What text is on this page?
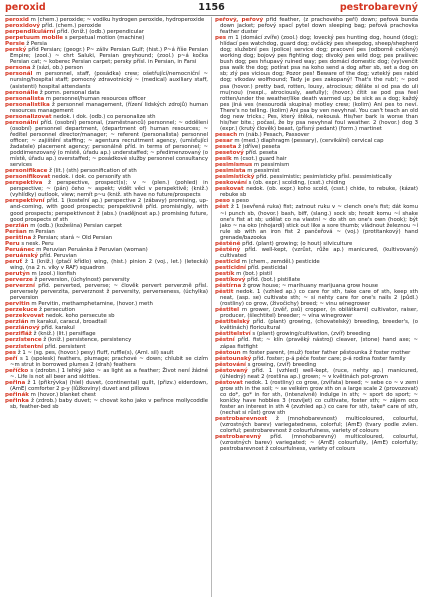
peroxid	1156	pestrobarevný

peroxid m (chem.) peroxide; ~ vodíku hydrogen peroxide, hydroperoxide

peroxidový příd. (chem.) peroxide

perpendikulární příd. (kniž.) (odb.) perpendicular

perpetuum mobile s perpetual motion (machine)

Persie ž Persia

perský příd Persian; (geogr.) P~ záliv Persian Gulf; (hist.) P~á říše Persian Empire; (zool.) ~ chrt Saluki, Persian greyhound; (zool.) p~á kočka Persian cat; ~ koberec Persian carpet; persky přísl. in Persian, in Farsi

persona ž (sází, ob.) person

personál m personnel, staff, (posádka) crew; ošetřující/nemocniční ~ nursing/hospital staff; pomocný zdravotnický ~ (medical) auxiliary staff, (asistenti) hospital attendants

personálie ž pomn. personal data

personalista m personnel/human resources officer

personalistika ž personnel management, (řízení lidských zdrojů) human resources management

personalizovat nedok. i dok. (odb.) co personalize sth

personální příd. (osobní) personal, (zaměstnanců) personnel; ~ oddělení (osobní) personnel department, (department of) human resources; ~ ředitel personnel director/manager; ~ referent (personalista) personnel officer; ~ zajištění staffing; ~ agentura recruitment agency, (umísťující žadatele) placement agency; personálně příd. in terms of personnel; ~ poddimenzovaný (o místě, úřadu ap.) understaffed; ~ předimenzovaný (o místě, úřadu ap.) overstaffed; ~ posádkové služby personnel consultancy services

personifikace ž (lit.) (sth) personification of sth

personifikovat nedok. i dok. co personify sth

perspektiva ž perspective, prospect(s); v ~ (plen.) (pohled) in perspective; ~ (pán) čeho ~ aspekt; vidět věci v perspektivě; (kniž.) (vyhlídky) outlook, view; nemít p~u (kniž. sth have no future/prospects

perspektivní příd. 1 (kostelní ap.) perspective 2 (zábavy) promising, up-and-coming, with good prospects; perspektivně příd. promisingly, with good prospects; perspektivnost ž (abs.) (nadějnost ap.) promising future, good prospects of sth

perzián m (odb.) (kožešina) Persian carpet

Peršan m Persian

perština ž Persian; stará ~ Old Persian

Peru s nesk. Peru

Peruánec m Peruvian Peruánka ž Peruvian (woman)

peruánský příd. Peruvian

peruť ž 1 (kniž.) (ptačí křídlo) wing, (hist.) pinion 2 (voj., let.) (letecká) wing, (na 2 n. víky v RAF) squadron

perutýn m (zool.) lionfish

perverze ž perversion, (úchylnost) perversity

perverzní příd. perverted, perverse; ~ člověk pervert perverzně přísl. perversely perverzita, perverznost ž perversity, perverseness, (úchylka) perversion

pervitin m Pervitin, methamphetamine, (hovor.) meth

perzekuce ž persecution

perzekvovat nedok. koho persecute sb

perzián m karakul, caracul, broadtail

perziánový příd. karakul

perzifláž ž (kniž.) (lit.) persiflage

perzistence ž (kniž.) persistence, persistency

perzistentní příd. persistent

pes ž 1 ~ (sg. pes, (hovor.) pesy) fluff, ruffle(s), (Aml. sil) sault

peří s 1 (spolesk) feathers, plumage; prachové ~ down; chlubit se cizím ~m strut in borrowed plumes 2 (drah) feathers

peříčko s (zdrobn.) 1 lehký jako ~ as light as a feather; Život není žádné ~. Life is not all beer and skittles.

peřina ž 1 (přikrývka) (hiel) duvet, (continental) quilt, (přizv.) eiderdown, (AmE) comforter 2 p-y (lůžkoviny) duvet and pillows

peřinák m (hovor.) blanket chest

peřinka ž (zdrob.) baby duvet; ~ chovat koho jako v peřince mollycoddle sb, feather-bed sb

peřový, peřový příd feather, (z prachového peří) down; peřová bunda down jacket; peřový spací pytel down sleeping bag; peřová prachovka feather duster

pes m 1 (domácí zvíře) (zool.) dog; lovecký pes hunting dog, hound (dog); hlídací pes watchdog, guard dog; ovčácký pes sheepdog, sheep/shepherd dog; služební pes (police) service dog; pracovní pes (odborně cvičený) working dog; bojový pes fighting dog; divoký pes wild dog; pes prašivec bush dog; pes hňupavý ruined way; pes domácí domestic dog; (vy)venčit psa walk the dog; potírat psa na koho send a dog after sb, set a dog on sb; zlý pes vicious dog; Pozor pes! Beware of the dog; vzteklý pes rabid dog; vlkodav wolfhound; Tady je pes zakopaný! That's the rub!; ~ pod psa (hovor.) pretty bad, rotten, lousy, atrocious; děláte si od psa do uli mu(nou) (nexpl., atrociously, awfully); (hovor.) čítit se pod psa feel rotten/under the weather/like death warmed up; be sick as a dog; každý pes jiná ves (nesourodá skupina) motley crew; (kolim) Ani pes to neví. There's no telling. (kolim) Ani psa by ven nevyhnal. You can't teach an old dog new tricks.; Pes, který štěká, nekousá. His/her bark is worse than his/her bite.; počasí, že by psa nevyhnal foul weather. 2 (hovor.) dog 3 (expr.) (krutý člověk) beast, (přísný pedant) (form.) martinet

pesach m (náb.) Pesach, Passover

pesar m (med.) diaphragm (pessary), (cervikální) cervical cap

peseta ž (dříve) peseta

pesetový příd. peseta

pesik m (csot.) guard hair

pesimismus m pessimism

pesimista m pessimist

pesimistický příd. pessimistic; pesimisticky přísl. pessimistically

peskování s (ob. expr.) scolding, (csst.) chiding

peskovat nedok. (ob. expr.) koho scold, (csst.) chide, to rebuke, (kázat) rebuke sb

peso s peso

pěst ž 1 (sevřená ruka) fist; zatnout ruku v ~ clench one's fist; dát komu ~i punch sb, (hovor.) bash, biff, (slang.) sock sb; hrozit komu ~í shake one's fist at sb; udělat co na vlastní ~ do sth on one's own (hook); být jako ~ na oko (nhojardí) stick out like a sore thumb; vládnout železnou ~í rule sb with an iron fist 2 pančeřová ~ (voj.) (protitankový) hand grenade/bazooka

pěstěně příd. (plant) growing; (o hout) silviculture

pěstěný příd. well-kept, (vzrůst, růže ap.) manicured, (kultivovaný) cultivated

pesticid m (chem., zemděl.) pesticide

pesticidní příd. pesticidal

pestík m (bot.) pistil

pestíkový příd. (bot.) pistillate

pěstírna ž grow house; ~ marihuany marijuana grow house

pěstit nedok. 1 (vzhled ap.) co care for sth, take care of sth, keep sth neat, (asp. se) cultivate sth; ~ si nehty care for one's nails 2 (půdl.) (rostliny) co grow, (živočichy) breed; ~ vinu winegrower

pěstitel m grower, (zvěř, psů) cropper, (n obilátkami) cultivator, raiser, producer, (šlechtitel) breeder; ~ vína winegrower

pěstitelský příd. (plant) growing, (chovatelský) breeding, breeder's, (o květinách) floricultural

pěstitelství s (plant) growing/cultivation, (zvíř) breeding

pěstní příd. fist; ~ klín (pravěký nástroj) cleaver, (stone) hand axe; ~ zápas fistfight

pěstoun m foster parent, (muž) foster father pěstounka ž foster mother

pěstounský příd. foster; p-á péče foster care; p-á rodina foster family

pěstování s growing, (zvíř) breeding

pěstovaný příd. 1 (vzhled) well-kept, (ruce, nehty ap.) manicured, (úhledný) neat 2 (rostlina ap.) grown; ~ v květinách pot-grown

pěstovat nedok. 1 (rostliny) co grow, (zvířata) breed; ~ sebe co ~ v zemi grow sth in the soil; ~ se velkém grow sth on a large scale 2 (provozovat) co do*, go* in for sth, (intenzívně) indulge in sth; ~ sport do sport; ~ koníčky have hobbies 3 (rozvíjet) co cultivate, foster sth; ~ zájem oco foster an interest in sth 4 (zvzhled ap.) co care for sth, take* care of sth, (nechat si růst) grow sth

pestrobarevnost ž (mnohobarevnost) multicoloured, colourful, (vzrostných barev) variegatedness, colorful; (AmE) (tvary podle zvlen. colorful; pestrobarevnost ž colourfulness, variety of colours

pestrobarevný příd. (mnohobarevný) multicoloured, colourful, (vzrostných barev) variegated; ~ (AmE) colourfully, (AmE) colorfully; pestrobarevnost ž colourfulness, variety of colours
